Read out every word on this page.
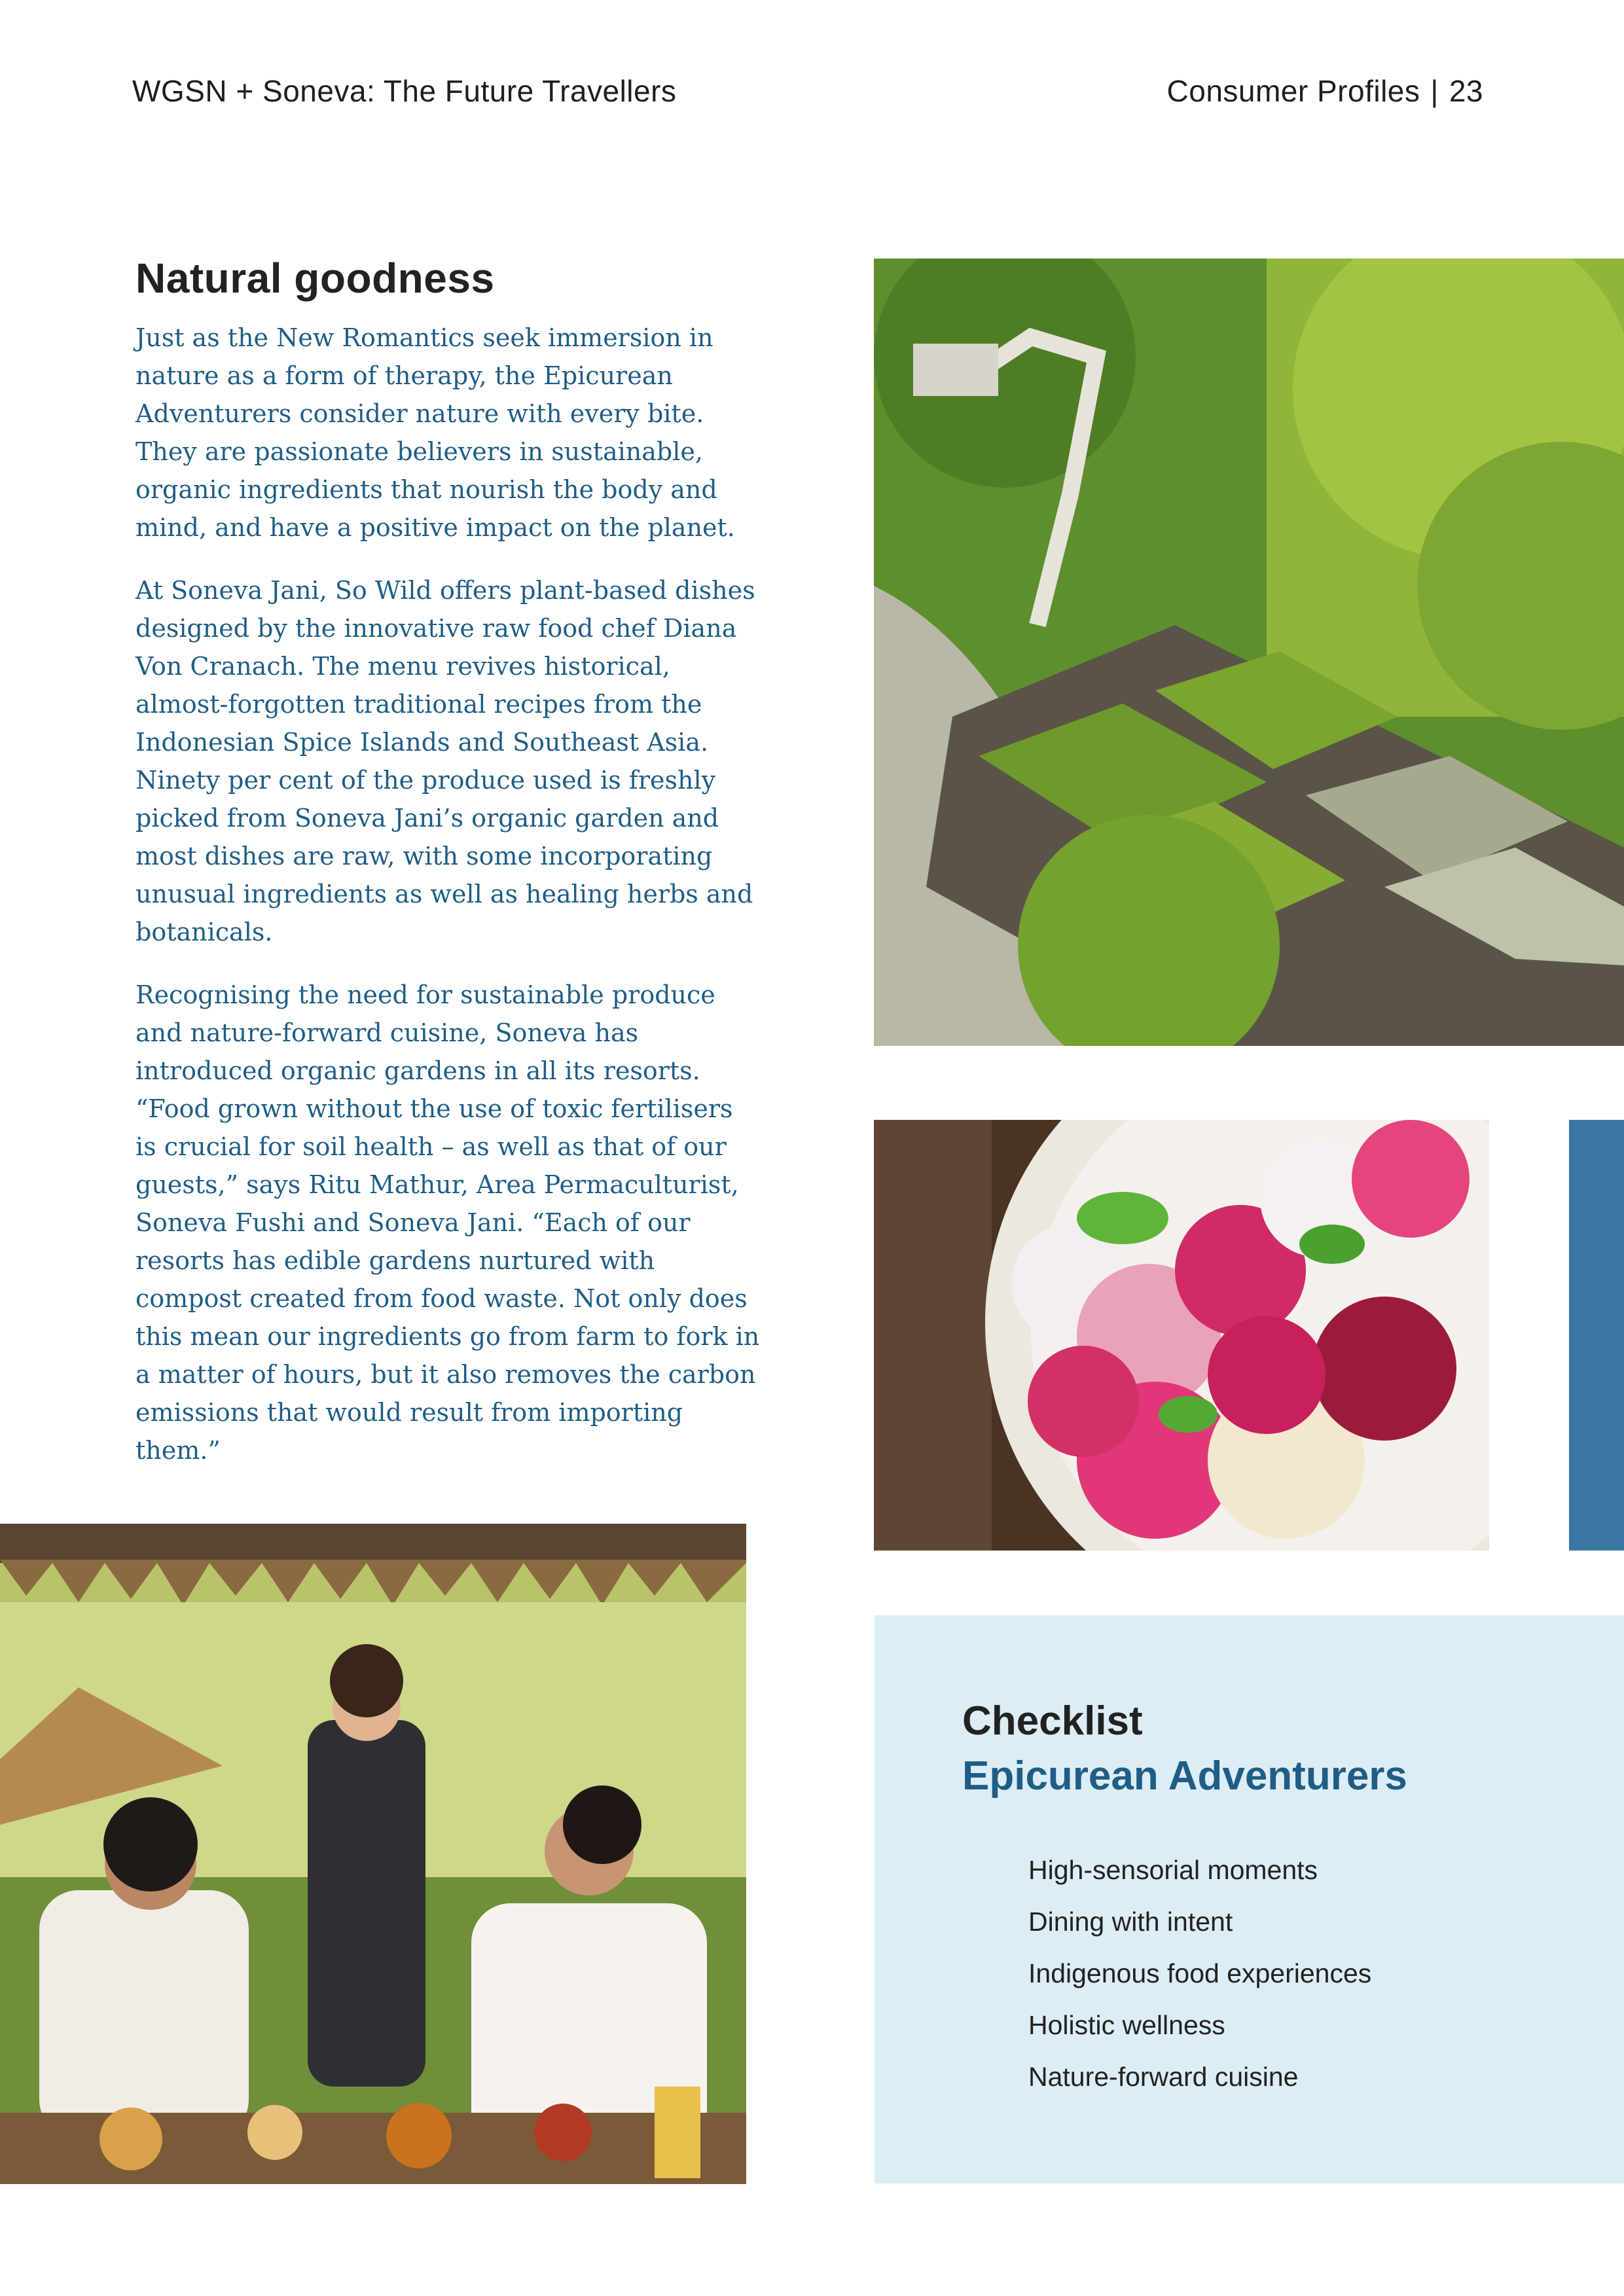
WGSN + Soneva: The Future Travellers	Consumer Profiles | 23
Natural goodness

Just as the New Romantics seek immersion in nature as a form of therapy, the Epicurean Adventurers consider nature with every bite. They are passionate believers in sustainable, organic ingredients that nourish the body and mind, and have a positive impact on the planet.

At Soneva Jani, So Wild offers plant-based dishes designed by the innovative raw food chef Diana Von Cranach. The menu revives historical, almost-forgotten traditional recipes from the Indonesian Spice Islands and Southeast Asia. Ninety per cent of the produce used is freshly picked from Soneva Jani’s organic garden and most dishes are raw, with some incorporating unusual ingredients as well as healing herbs and botanicals.

Recognising the need for sustainable produce and nature-forward cuisine, Soneva has introduced organic gardens in all its resorts. “Food grown without the use of toxic fertilisers is crucial for soil health – as well as that of our guests,” says Ritu Mathur, Area Permaculturist, Soneva Fushi and Soneva Jani. “Each of our resorts has edible gardens nurtured with compost created from food waste. Not only does this mean our ingredients go from farm to fork in a matter of hours, but it also removes the carbon emissions that would result from importing them.”

Checklist
Epicurean Adventurers
High-sensorial moments
Dining with intent
Indigenous food experiences
Holistic wellness
Nature-forward cuisine
